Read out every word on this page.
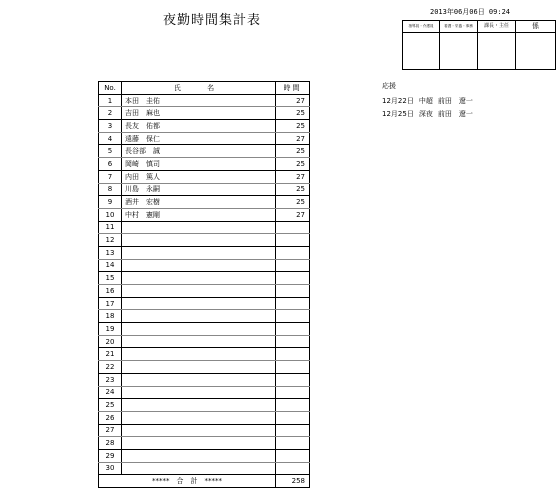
夜勤時間集計表
2013年06月06日 09:24
指導員・介護員	看護・栄養・事務	課長・主任	係
No.	氏 名	時間
1	本田　圭佑	27
2	吉田　麻也	25
3	長友　佑都	25
4	遠藤　保仁	27
5	長谷部　誠	25
6	岡崎　慎司	25
7	内田　篤人	27
8	川島　永嗣	25
9	酒井　宏樹	25
10	中村　憲剛	27
11		
12		
13		
14		
15		
16		
17		
18		
19		
20		
21		
22		
23		
24		
25		
26		
27		
28		
29		
30		
*****　合　計　*****		258
応援
12月22日 中超 前田　遼一
12月25日 深夜 前田　遼一
